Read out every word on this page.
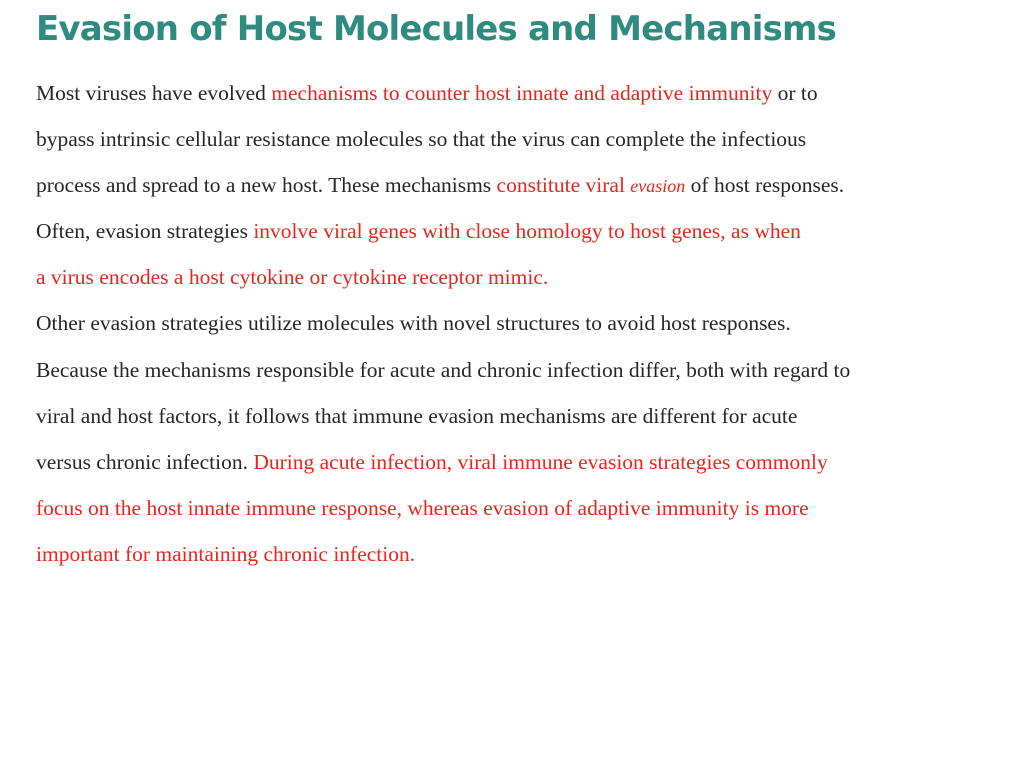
Evasion of Host Molecules and Mechanisms
Most viruses have evolved mechanisms to counter host innate and adaptive immunity or to
bypass intrinsic cellular resistance molecules so that the virus can complete the infectious
process and spread to a new host. These mechanisms constitute viral evasion of host responses.
Often, evasion strategies involve viral genes with close homology to host genes, as when
a virus encodes a host cytokine or cytokine receptor mimic.
Other evasion strategies utilize molecules with novel structures to avoid host responses.
Because the mechanisms responsible for acute and chronic infection differ, both with regard to
viral and host factors, it follows that immune evasion mechanisms are different for acute
versus chronic infection. During acute infection, viral immune evasion strategies commonly
focus on the host innate immune response, whereas evasion of adaptive immunity is more
important for maintaining chronic infection.
